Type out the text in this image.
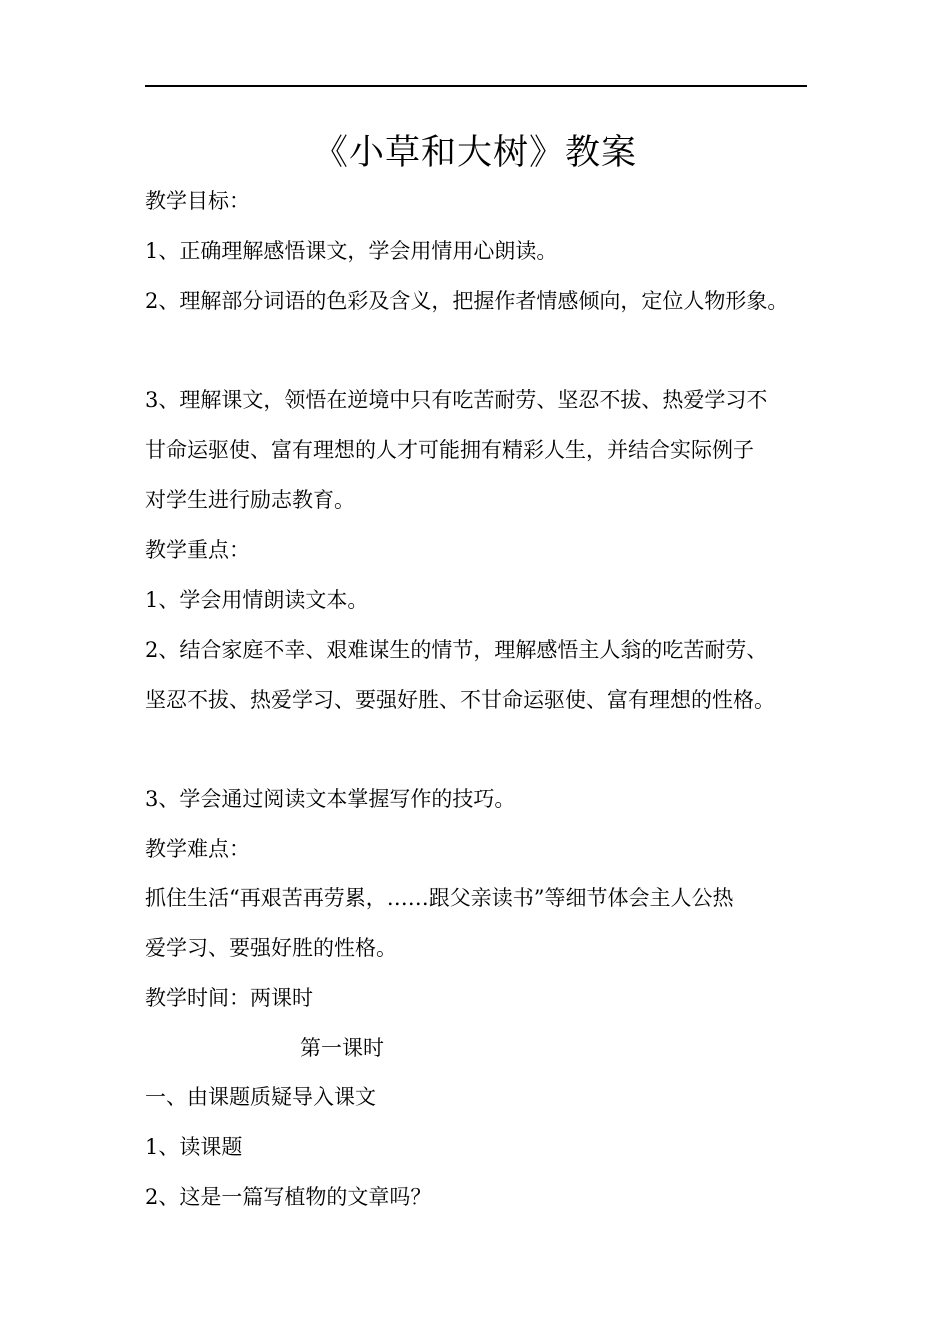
《小草和大树》教案
教学目标：
1、正确理解感悟课文，学会用情用心朗读。
2、理解部分词语的色彩及含义，把握作者情感倾向，定位人物形象。
3、理解课文，领悟在逆境中只有吃苦耐劳、坚忍不拔、热爱学习不
甘命运驱使、富有理想的人才可能拥有精彩人生，并结合实际例子
对学生进行励志教育。
教学重点：
1、学会用情朗读文本。
2、结合家庭不幸、艰难谋生的情节，理解感悟主人翁的吃苦耐劳、
坚忍不拔、热爱学习、要强好胜、不甘命运驱使、富有理想的性格。
3、学会通过阅读文本掌握写作的技巧。
教学难点：
抓住生活“再艰苦再劳累，……跟父亲读书”等细节体会主人公热
爱学习、要强好胜的性格。
教学时间：两课时
第一课时
一、由课题质疑导入课文
1、读课题
2、这是一篇写植物的文章吗？
